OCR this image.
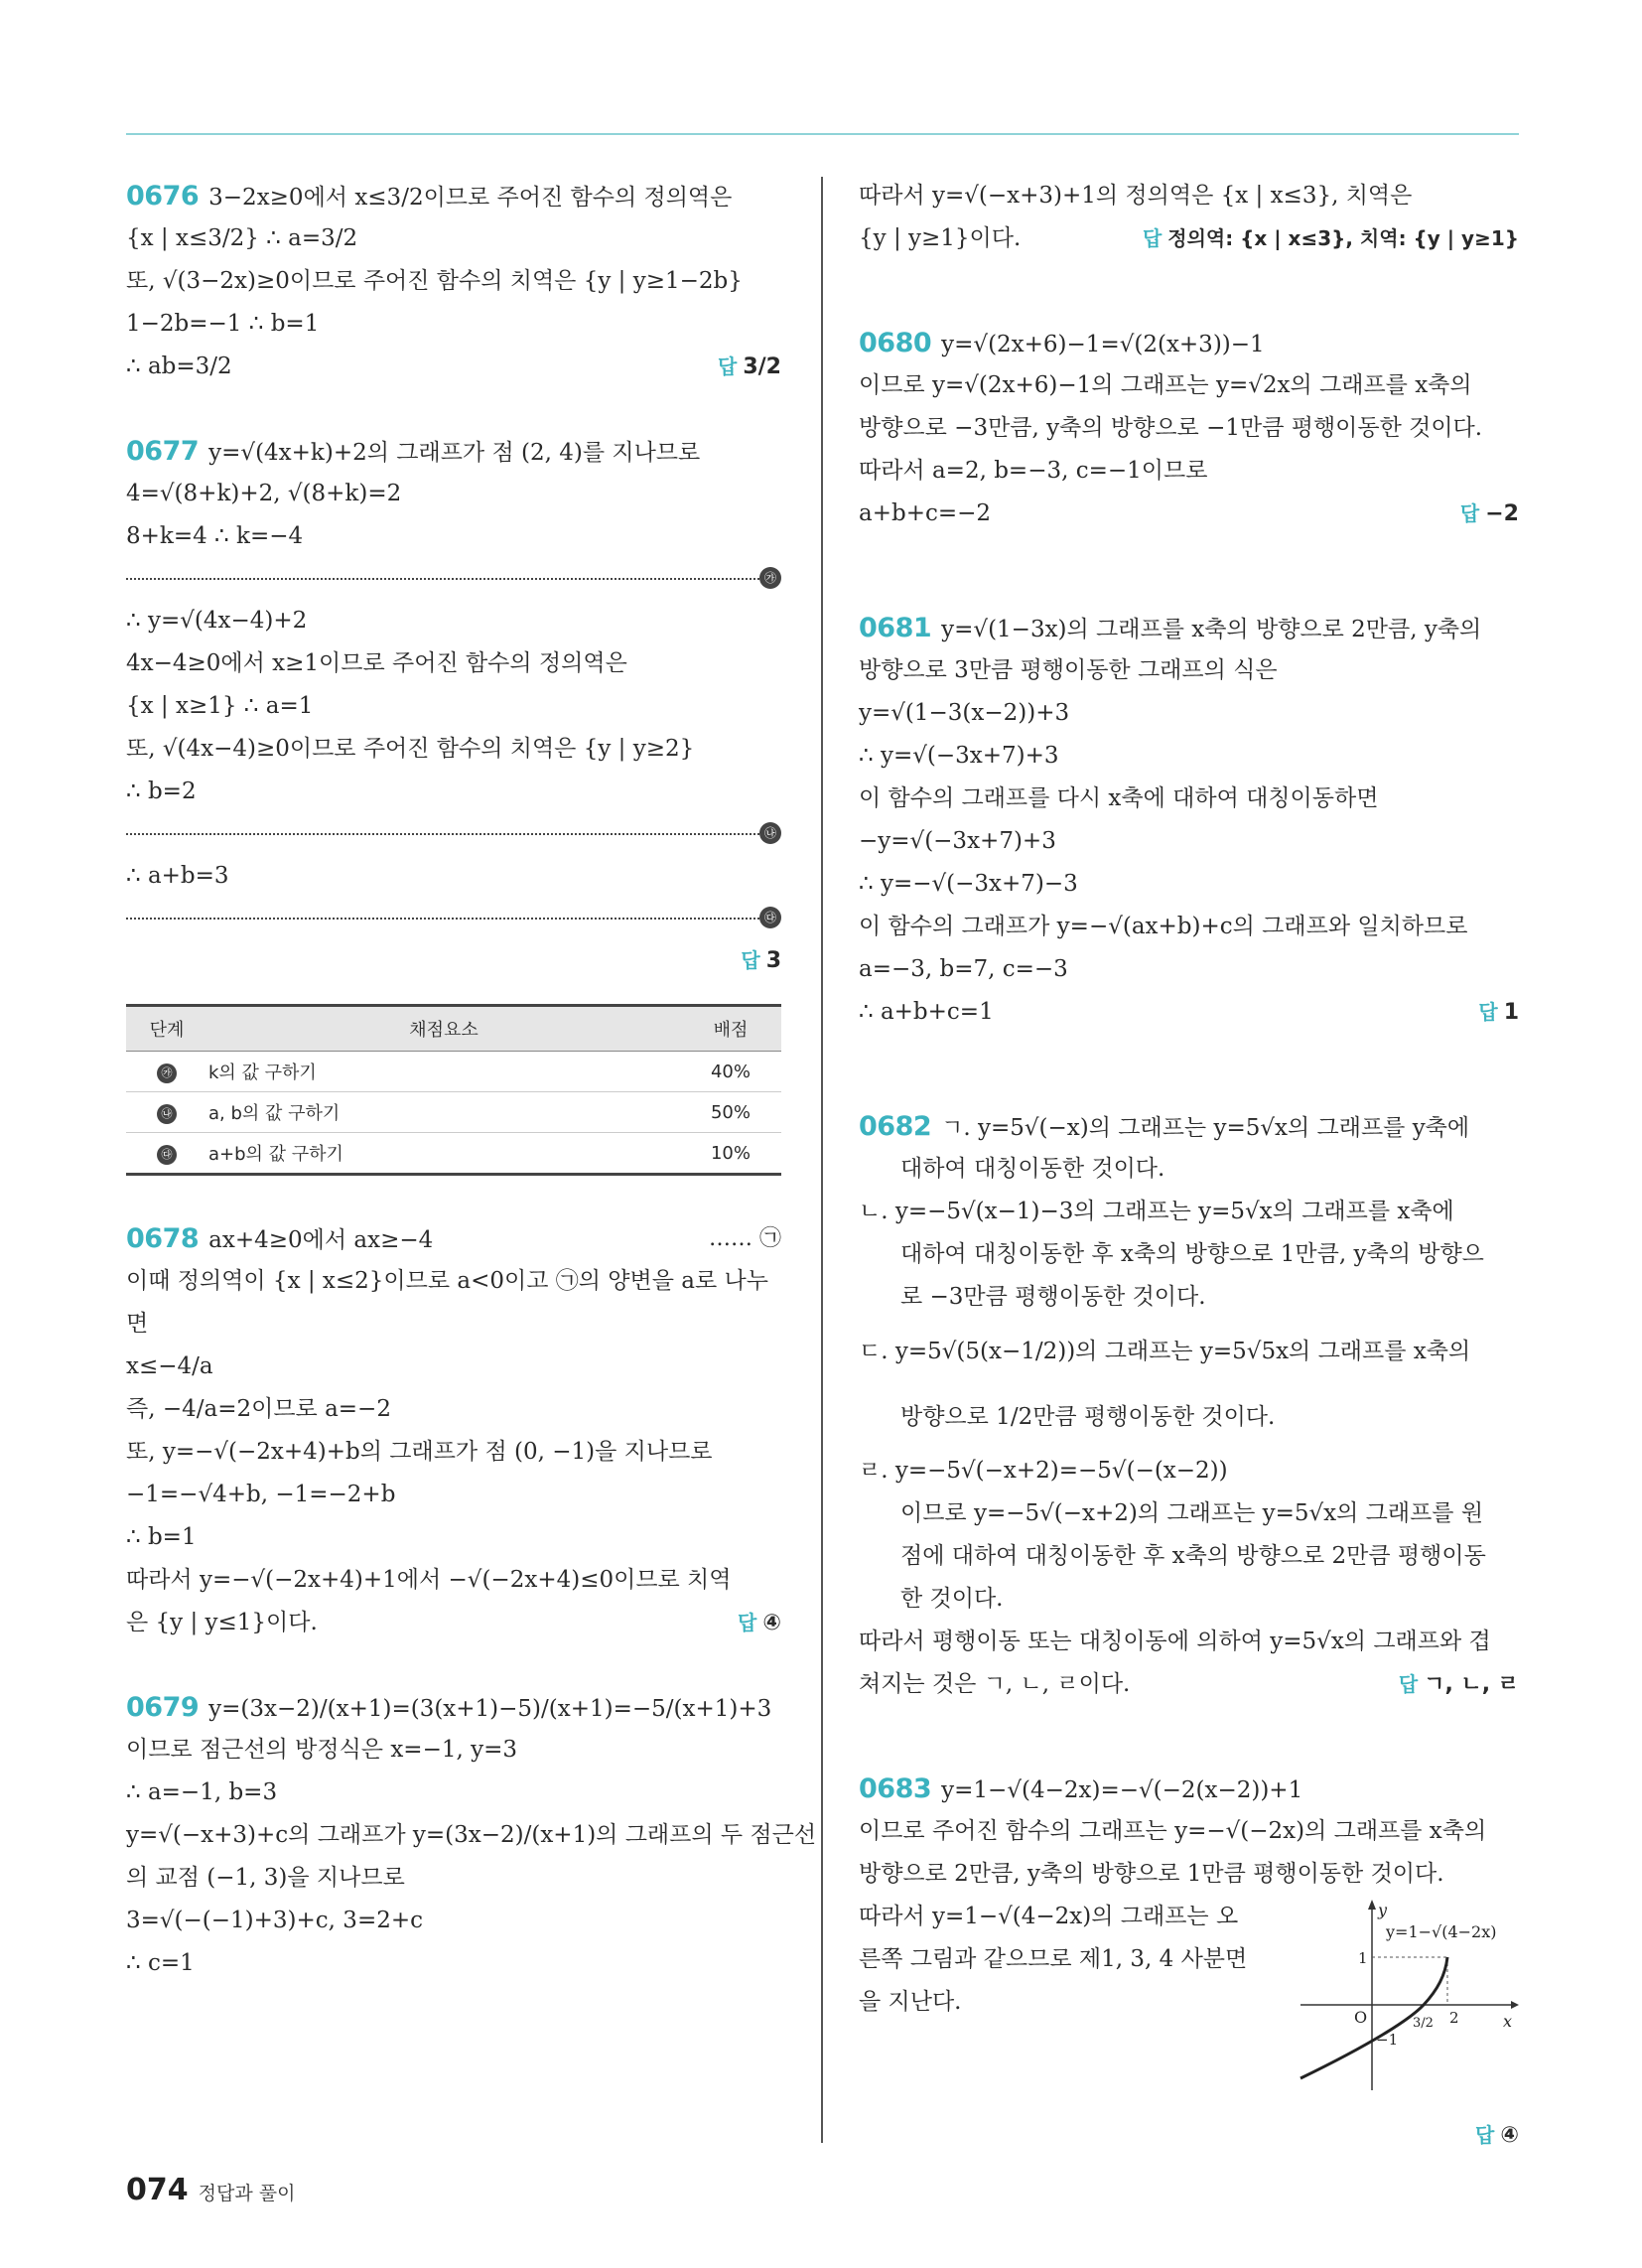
0676 3−2x≥0에서 x≤3/2이므로 주어진 함수의 정의역은
{x | x≤3/2} ∴ a=3/2
또, √(3−2x)≥0이므로 주어진 함수의 치역은 {y | y≥1−2b}
1−2b=−1 ∴ b=1
∴ ab=3/2	답 3/2
0677 y=√(4x+k)+2의 그래프가 점 (2, 4)를 지나므로
4=√(8+k)+2, √(8+k)=2
8+k=4 ∴ k=−4
㉮
∴ y=√(4x−4)+2
4x−4≥0에서 x≥1이므로 주어진 함수의 정의역은
{x | x≥1} ∴ a=1
또, √(4x−4)≥0이므로 주어진 함수의 치역은 {y | y≥2}
∴ b=2
㉯
∴ a+b=3
㉰
답 3
단계	채점요소	배점
㉮	k의 값 구하기	40%
㉯	a, b의 값 구하기	50%
㉰	a+b의 값 구하기	10%
0678 ax+4≥0에서 ax≥−4	…… ㉠
이때 정의역이 {x | x≤2}이므로 a<0이고 ㉠의 양변을 a로 나누
면
x≤−4/a
즉, −4/a=2이므로 a=−2
또, y=−√(−2x+4)+b의 그래프가 점 (0, −1)을 지나므로
−1=−√4+b, −1=−2+b
∴ b=1
따라서 y=−√(−2x+4)+1에서 −√(−2x+4)≤0이므로 치역
은 {y | y≤1}이다.	답 ④
0679 y=(3x−2)/(x+1)=(3(x+1)−5)/(x+1)=−5/(x+1)+3
이므로 점근선의 방정식은 x=−1, y=3
∴ a=−1, b=3
y=√(−x+3)+c의 그래프가 y=(3x−2)/(x+1)의 그래프의 두 점근선
의 교점 (−1, 3)을 지나므로
3=√(−(−1)+3)+c, 3=2+c
∴ c=1
따라서 y=√(−x+3)+1의 정의역은 {x | x≤3}, 치역은
{y | y≥1}이다.	답 정의역: {x | x≤3}, 치역: {y | y≥1}
0680 y=√(2x+6)−1=√(2(x+3))−1
이므로 y=√(2x+6)−1의 그래프는 y=√2x의 그래프를 x축의
방향으로 −3만큼, y축의 방향으로 −1만큼 평행이동한 것이다.
따라서 a=2, b=−3, c=−1이므로
a+b+c=−2	답 −2
0681 y=√(1−3x)의 그래프를 x축의 방향으로 2만큼, y축의
방향으로 3만큼 평행이동한 그래프의 식은
y=√(1−3(x−2))+3
∴ y=√(−3x+7)+3
이 함수의 그래프를 다시 x축에 대하여 대칭이동하면
−y=√(−3x+7)+3
∴ y=−√(−3x+7)−3
이 함수의 그래프가 y=−√(ax+b)+c의 그래프와 일치하므로
a=−3, b=7, c=−3
∴ a+b+c=1	답 1
0682 ㄱ. y=5√(−x)의 그래프는 y=5√x의 그래프를 y축에
대하여 대칭이동한 것이다.
ㄴ. y=−5√(x−1)−3의 그래프는 y=5√x의 그래프를 x축에
대하여 대칭이동한 후 x축의 방향으로 1만큼, y축의 방향으
로 −3만큼 평행이동한 것이다.
ㄷ. y=5√(5(x−1/2))의 그래프는 y=5√5x의 그래프를 x축의
방향으로 1/2만큼 평행이동한 것이다.
ㄹ. y=−5√(−x+2)=−5√(−(x−2))
이므로 y=−5√(−x+2)의 그래프는 y=5√x의 그래프를 원
점에 대하여 대칭이동한 후 x축의 방향으로 2만큼 평행이동
한 것이다.
따라서 평행이동 또는 대칭이동에 의하여 y=5√x의 그래프와 겹
쳐지는 것은 ㄱ, ㄴ, ㄹ이다.	답 ㄱ, ㄴ, ㄹ
0683 y=1−√(4−2x)=−√(−2(x−2))+1
이므로 주어진 함수의 그래프는 y=−√(−2x)의 그래프를 x축의
방향으로 2만큼, y축의 방향으로 1만큼 평행이동한 것이다.
따라서 y=1−√(4−2x)의 그래프는 오
른쪽 그림과 같으므로 제1, 3, 4 사분면
을 지난다.
y
x
O
1
−1
3/2 2
y=1−√(4−2x)
답 ④
074 정답과 풀이
